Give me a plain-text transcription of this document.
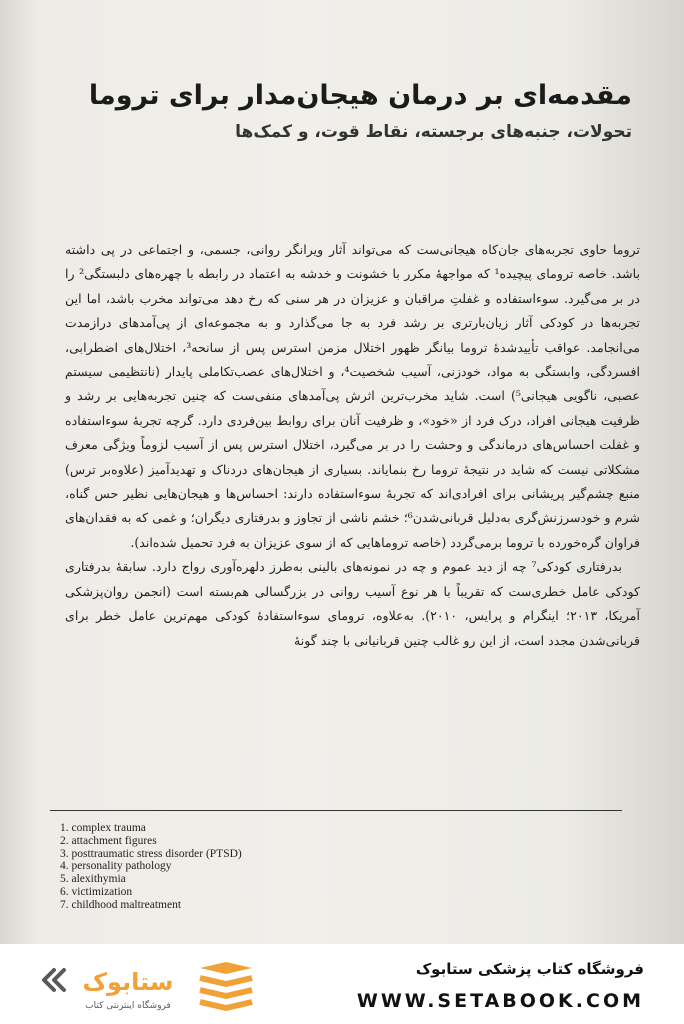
مقدمه‌ای بر درمان هیجان‌مدار برای تروما
تحولات، جنبه‌های برجسته، نقاط قوت، و کمک‌ها

تروما حاوی تجربه‌های جان‌کاه هیجانی‌ست که می‌تواند آثار ویرانگر روانی، جسمی، و اجتماعی در پی داشته باشد. خاصه ترومای پیچیده¹ که مواجههٔ مکرر با خشونت و خدشه به اعتماد در رابطه با چهره‌های دلبستگی² را در بر می‌گیرد. سوءاستفاده و غفلتِ مراقبان و عزیزان در هر سنی که رخ دهد می‌تواند مخرب باشد، اما این تجربه‌ها در کودکی آثار زیان‌بارتری بر رشد فرد به جا می‌گذارد و به مجموعه‌ای از پی‌آمدهای درازمدت می‌انجامد. عواقب تأییدشدهٔ تروما بیانگر ظهور اختلال مزمن استرس پس از سانحه³، اختلال‌های اضطرابی، افسردگی، وابستگی به مواد، خودزنی، آسیب شخصیت⁴، و اختلال‌های عصب‌تکاملی پایدار (نانتظیمی سیستم عصبی، ناگویی هیجانی⁵) است. شاید مخرب‌ترین اثرش پی‌آمدهای منفی‌ست که چنین تجربه‌هایی بر رشد و ظرفیت هیجانی افراد، درک فرد از «خود»، و ظرفیت آنان برای روابط بین‌فردی دارد. گرچه تجربهٔ سوءاستفاده و غفلت احساس‌های درماندگی و وحشت را در بر می‌گیرد، اختلال استرس پس از آسیب لزوماً ویژگی معرف مشکلاتی نیست که شاید در نتیجهٔ تروما رخ بنمایاند. بسیاری از هیجان‌های دردناک و تهدیدآمیز (علاوه‌بر ترس) منبع چشم‌گیر پریشانی برای افرادی‌اند که تجربهٔ سوءاستفاده دارند: احساس‌ها و هیجان‌هایی نظیر حس گناه، شرم و خودسرزنش‌گری به‌دلیل قربانی‌شدن⁶؛ خشم ناشی از تجاوز و بدرفتاری دیگران؛ و غمی که به فقدان‌های فراوان گره‌خورده با تروما برمی‌گردد (خاصه تروماهایی که از سوی عزیزان به فرد تحمیل شده‌اند).

بدرفتاری کودکی⁷ چه از دید عموم و چه در نمونه‌های بالینی به‌طرز دلهره‌آوری رواج دارد. سابقهٔ بدرفتاری کودکی عامل خطری‌ست که تقریباً با هر نوع آسیب روانی در بزرگسالی هم‌بسته است (انجمن روان‌پزشکی آمریکا، ۲۰۱۳؛ اینگرام و پرایس، ۲۰۱۰). به‌علاوه، ترومای سوءاستفادهٔ کودکی مهم‌ترین عامل خطر برای قربانی‌شدن مجدد است، از این رو غالب چنین قربانیانی با چند گونهٔ

1. complex trauma
2. attachment figures
3. posttraumatic stress disorder (PTSD)
4. personality pathology
5. alexithymia
6. victimization
7. childhood maltreatment
ستابوک
فروشگاه اینترنتی کتاب
فروشگاه کتاب پزشکی ستابوک
WWW.SETABOOK.COM
